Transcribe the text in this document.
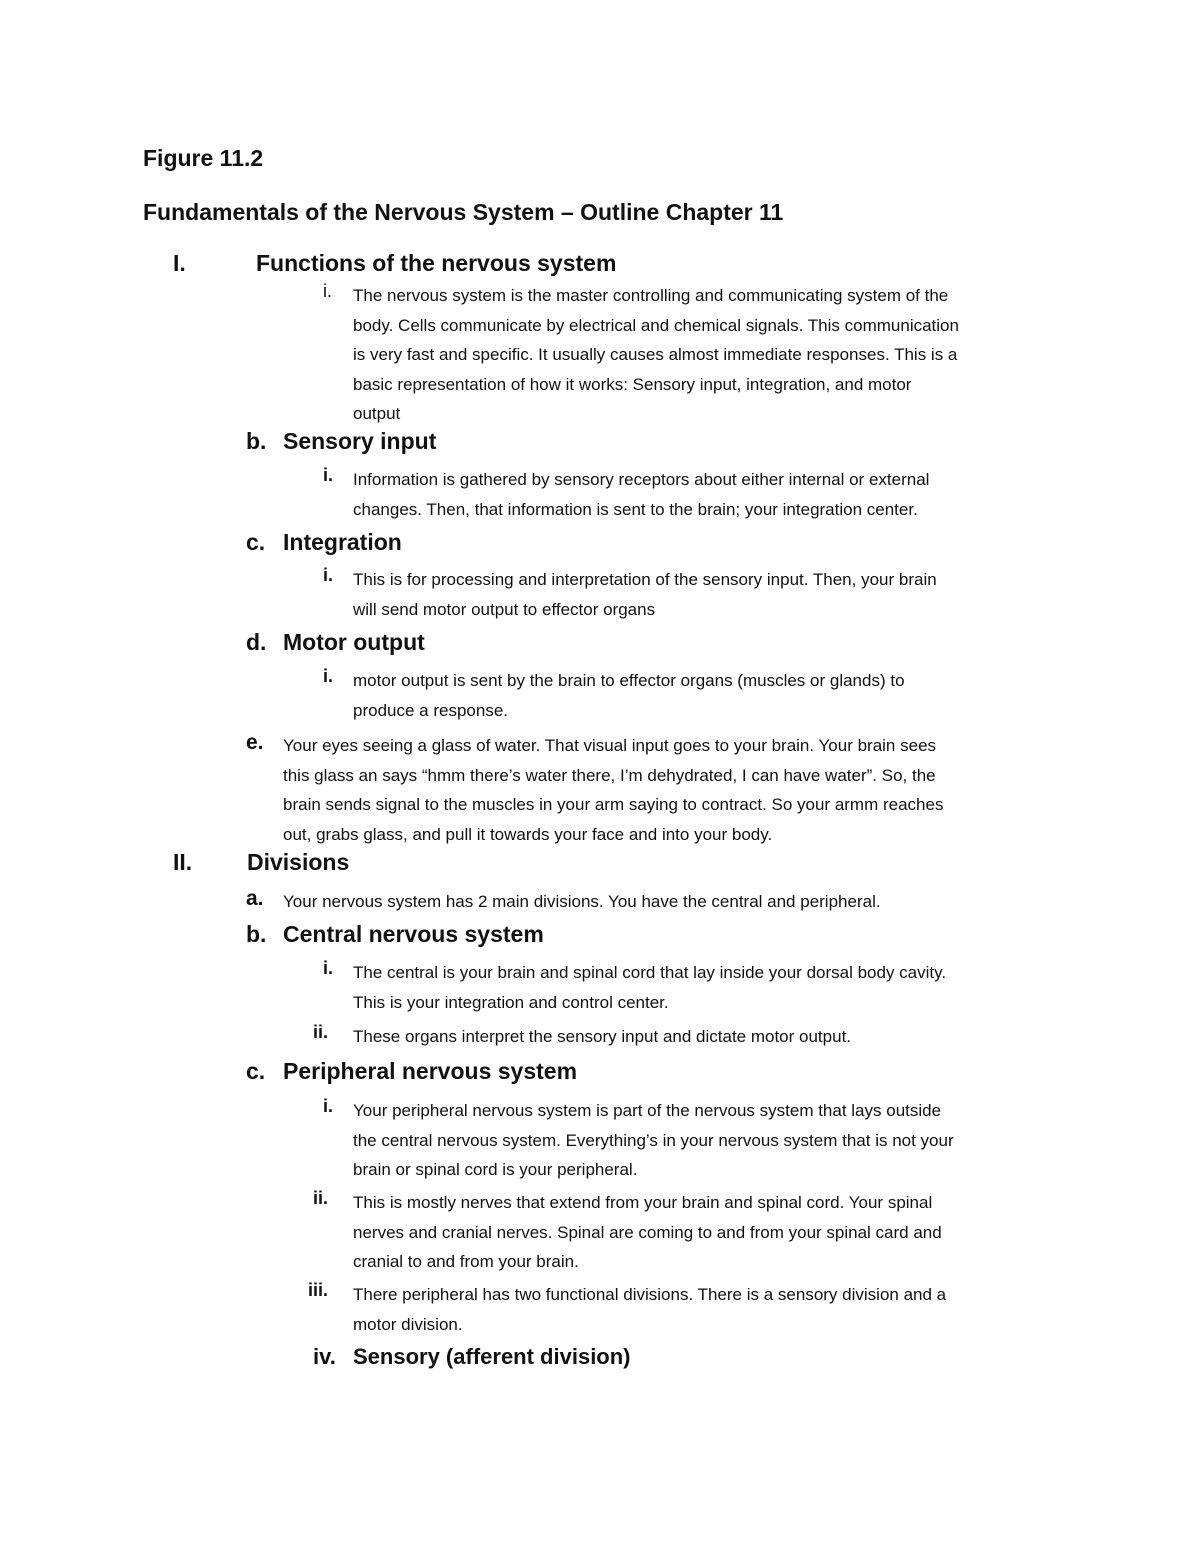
Figure 11.2
Fundamentals of the Nervous System – Outline Chapter 11
I.	Functions of the nervous system
i.	The nervous system is the master controlling and communicating system of the
body. Cells communicate by electrical and chemical signals. This communication
is very fast and specific. It usually causes almost immediate responses. This is a
basic representation of how it works: Sensory input, integration, and motor
output
b. Sensory input
i.	Information is gathered by sensory receptors about either internal or external
changes. Then, that information is sent to the brain; your integration center.
c. Integration
i.	This is for processing and interpretation of the sensory input. Then, your brain
will send motor output to effector organs
d. Motor output
i.	motor output is sent by the brain to effector organs (muscles or glands) to
produce a response.
e.	Your eyes seeing a glass of water. That visual input goes to your brain. Your brain sees
this glass an says “hmm there’s water there, I’m dehydrated, I can have water”. So, the
brain sends signal to the muscles in your arm saying to contract. So your armm reaches
out, grabs glass, and pull it towards your face and into your body.
II.	Divisions
a.	Your nervous system has 2 main divisions. You have the central and peripheral.
b. Central nervous system
i.	The central is your brain and spinal cord that lay inside your dorsal body cavity.
This is your integration and control center.
ii.	These organs interpret the sensory input and dictate motor output.
c. Peripheral nervous system
i.	Your peripheral nervous system is part of the nervous system that lays outside
the central nervous system. Everything’s in your nervous system that is not your
brain or spinal cord is your peripheral.
ii.	This is mostly nerves that extend from your brain and spinal cord. Your spinal
nerves and cranial nerves. Spinal are coming to and from your spinal card and
cranial to and from your brain.
iii.	There peripheral has two functional divisions. There is a sensory division and a
motor division.
iv. Sensory (afferent division)
